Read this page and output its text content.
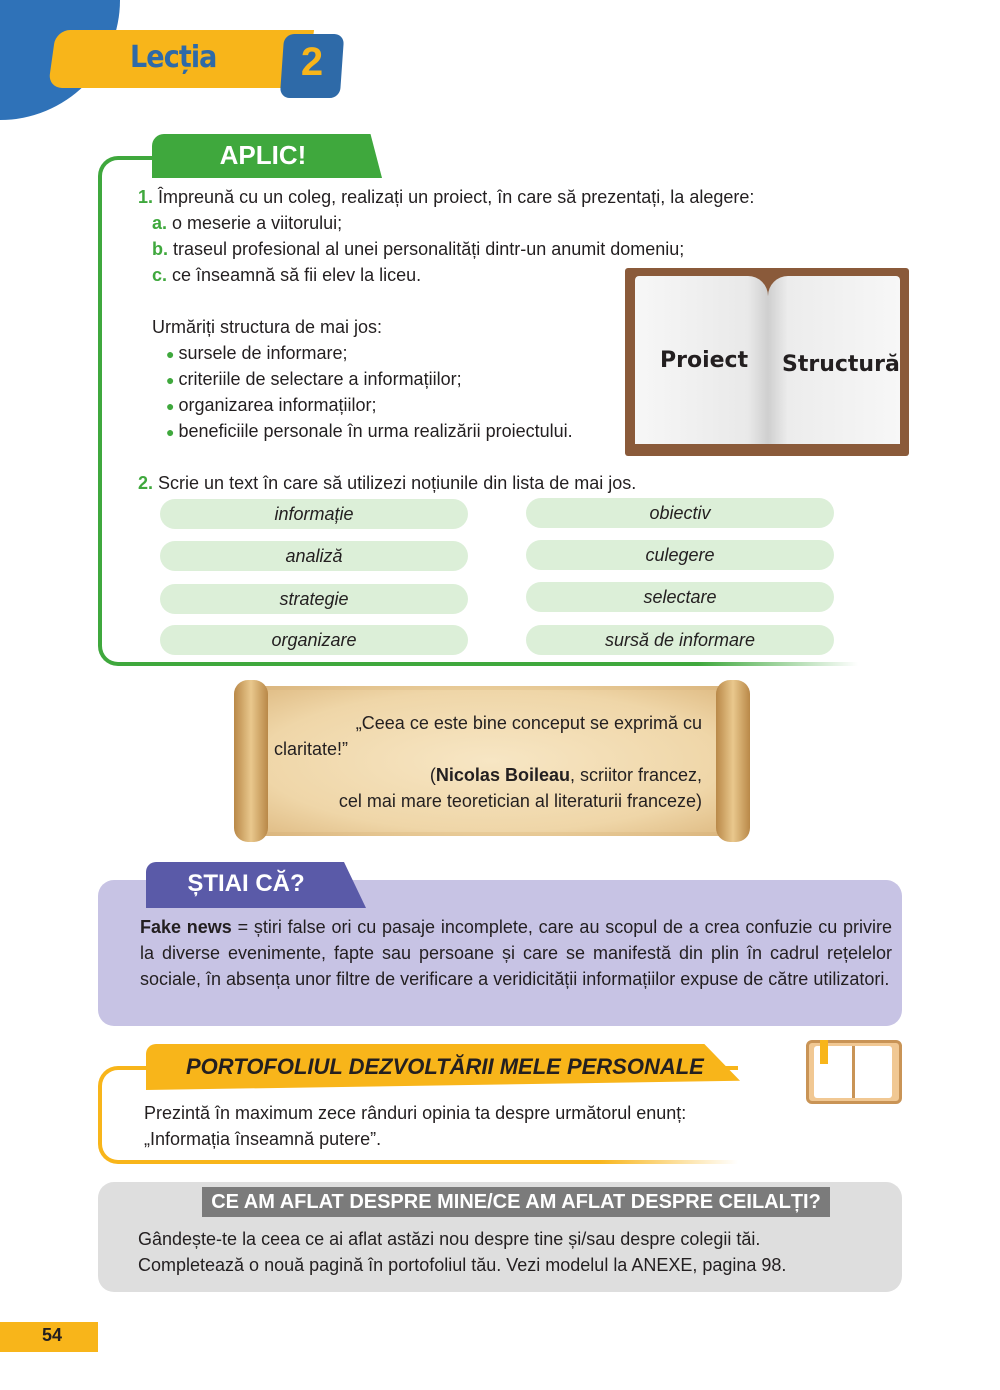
Lecția	2
APLIC!
1. Împreună cu un coleg, realizați un proiect, în care să prezentați, la alegere:
a. o meserie a viitorului;
b. traseul profesional al unei personalități dintr-un anumit domeniu;
c. ce înseamnă să fii elev la liceu.
Urmăriți structura de mai jos:
● sursele de informare;
● criteriile de selectare a informațiilor;
● organizarea informațiilor;
● beneficiile personale în urma realizării proiectului.
Proiect Structură
2. Scrie un text în care să utilizezi noțiunile din lista de mai jos.
informație
analiză
strategie
organizare
obiectiv
culegere
selectare
sursă de informare
„Ceea ce este bine conceput se exprimă cu
claritate!”
(Nicolas Boileau, scriitor francez,
cel mai mare teoretician al literaturii franceze)
ȘTIAI CĂ?
Fake news = știri false ori cu pasaje incomplete, care au scopul de a crea confuzie cu privire la diverse evenimente, fapte sau persoane și care se manifestă din plin în cadrul rețelelor sociale, în absența unor filtre de verificare a veridicității informațiilor expuse de către utilizatori.
PORTOFOLIUL DEZVOLTĂRII MELE PERSONALE
Prezintă în maximum zece rânduri opinia ta despre următorul enunț:
„Informația înseamnă putere”.
CE AM AFLAT DESPRE MINE/CE AM AFLAT DESPRE CEILALȚI?
Gândește-te la ceea ce ai aflat astăzi nou despre tine și/sau despre colegii tăi.
Completează o nouă pagină în portofoliul tău. Vezi modelul la ANEXE, pagina 98.
54
